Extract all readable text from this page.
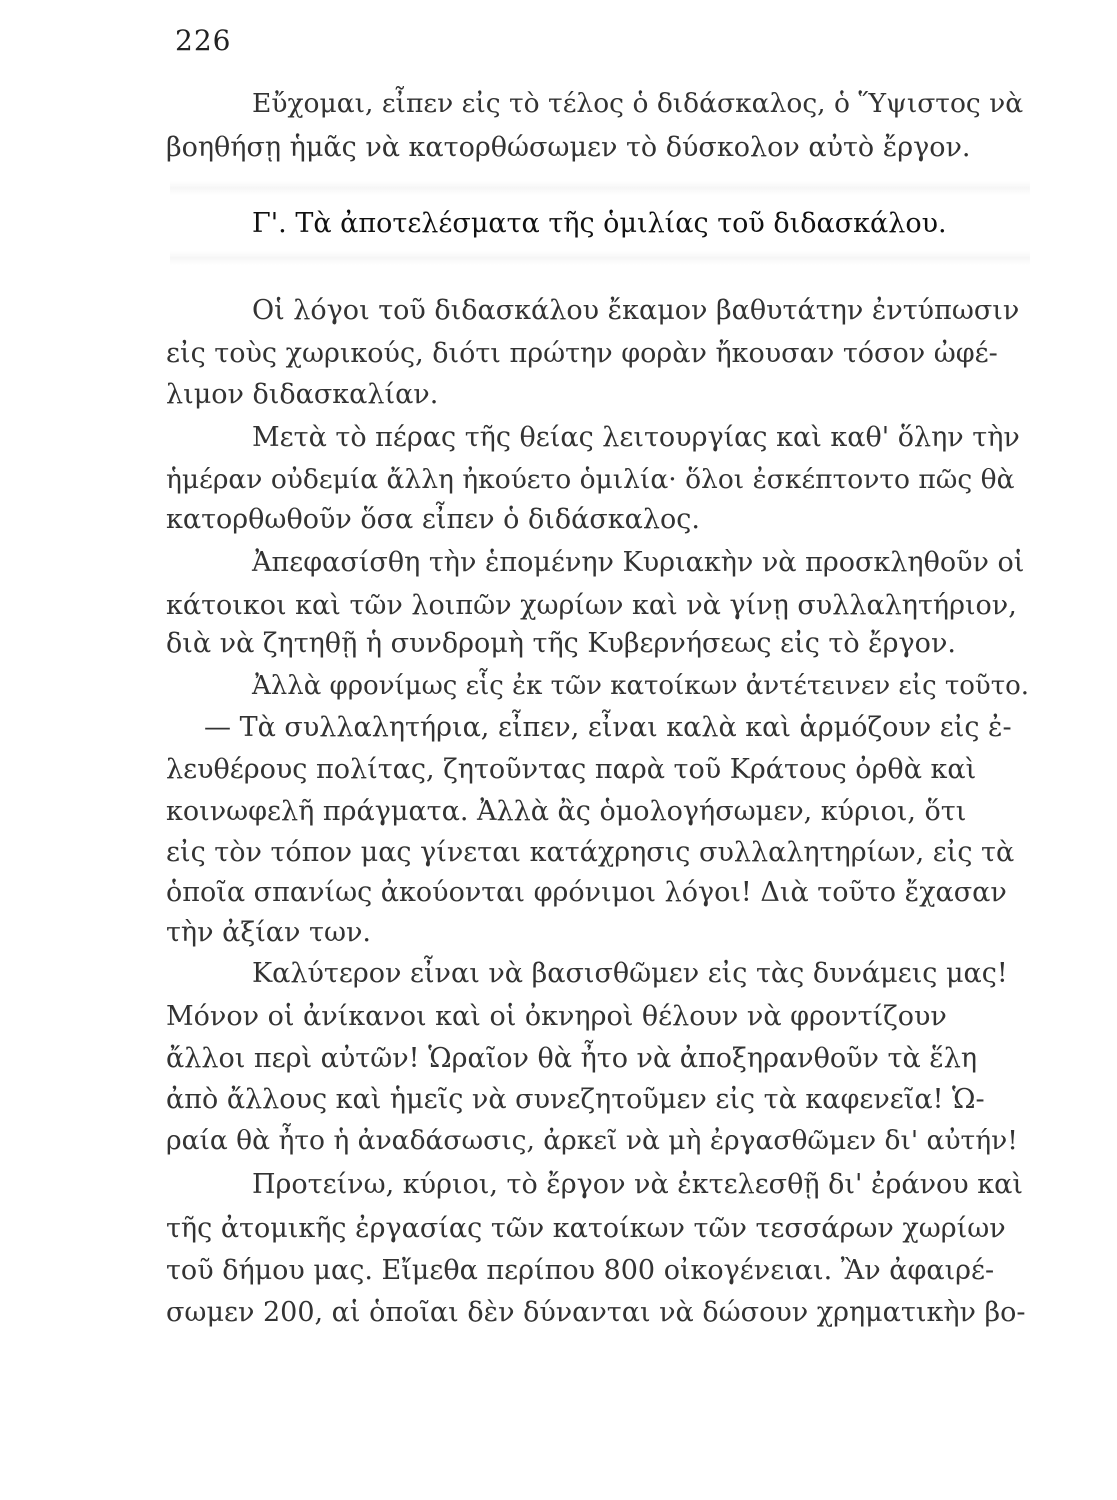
226
Εὔχομαι, εἶπεν εἰς τὸ τέλος ὁ διδάσκαλος, ὁ Ὕψιστος νὰ
βοηθήσῃ ἡμᾶς νὰ κατορθώσωμεν τὸ δύσκολον αὐτὸ ἔργον.
Γ'. Τὰ ἀποτελέσματα τῆς ὁμιλίας τοῦ διδασκάλου.
Οἱ λόγοι τοῦ διδασκάλου ἔκαμον βαθυτάτην ἐντύπωσιν
εἰς τοὺς χωρικούς, διότι πρώτην φορὰν ἤκουσαν τόσον ὠφέ-
λιμον διδασκαλίαν.
Μετὰ τὸ πέρας τῆς θείας λειτουργίας καὶ καθ' ὅλην τὴν
ἡμέραν οὐδεμία ἄλλη ἠκούετο ὁμιλία· ὅλοι ἐσκέπτοντο πῶς θὰ
κατορθωθοῦν ὅσα εἶπεν ὁ διδάσκαλος.
Ἀπεφασίσθη τὴν ἑπομένην Κυριακὴν νὰ προσκληθοῦν οἱ
κάτοικοι καὶ τῶν λοιπῶν χωρίων καὶ νὰ γίνῃ συλλαλητήριον,
διὰ νὰ ζητηθῇ ἡ συνδρομὴ τῆς Κυβερνήσεως εἰς τὸ ἔργον.
Ἀλλὰ φρονίμως εἷς ἐκ τῶν κατοίκων ἀντέτεινεν εἰς τοῦτο.
— Τὰ συλλαλητήρια, εἶπεν, εἶναι καλὰ καὶ ἁρμόζουν εἰς ἐ-
λευθέρους πολίτας, ζητοῦντας παρὰ τοῦ Κράτους ὀρθὰ καὶ
κοινωφελῆ πράγματα. Ἀλλὰ ἂς ὁμολογήσωμεν, κύριοι, ὅτι
εἰς τὸν τόπον μας γίνεται κατάχρησις συλλαλητηρίων, εἰς τὰ
ὁποῖα σπανίως ἀκούονται φρόνιμοι λόγοι! Διὰ τοῦτο ἔχασαν
τὴν ἀξίαν των.
Καλύτερον εἶναι νὰ βασισθῶμεν εἰς τὰς δυνάμεις μας!
Μόνον οἱ ἀνίκανοι καὶ οἱ ὀκνηροὶ θέλουν νὰ φροντίζουν
ἄλλοι περὶ αὐτῶν! Ὡραῖον θὰ ἦτο νὰ ἀποξηρανθοῦν τὰ ἕλη
ἀπὸ ἄλλους καὶ ἡμεῖς νὰ συνεζητοῦμεν εἰς τὰ καφενεῖα! Ὡ-
ραία θὰ ἦτο ἡ ἀναδάσωσις, ἀρκεῖ νὰ μὴ ἐργασθῶμεν δι' αὐτήν!
Προτείνω, κύριοι, τὸ ἔργον νὰ ἐκτελεσθῇ δι' ἐράνου καὶ
τῆς ἀτομικῆς ἐργασίας τῶν κατοίκων τῶν τεσσάρων χωρίων
τοῦ δήμου μας. Εἴμεθα περίπου 800 οἰκογένειαι. Ἂν ἀφαιρέ-
σωμεν 200, αἱ ὁποῖαι δὲν δύνανται νὰ δώσουν χρηματικὴν βο-
